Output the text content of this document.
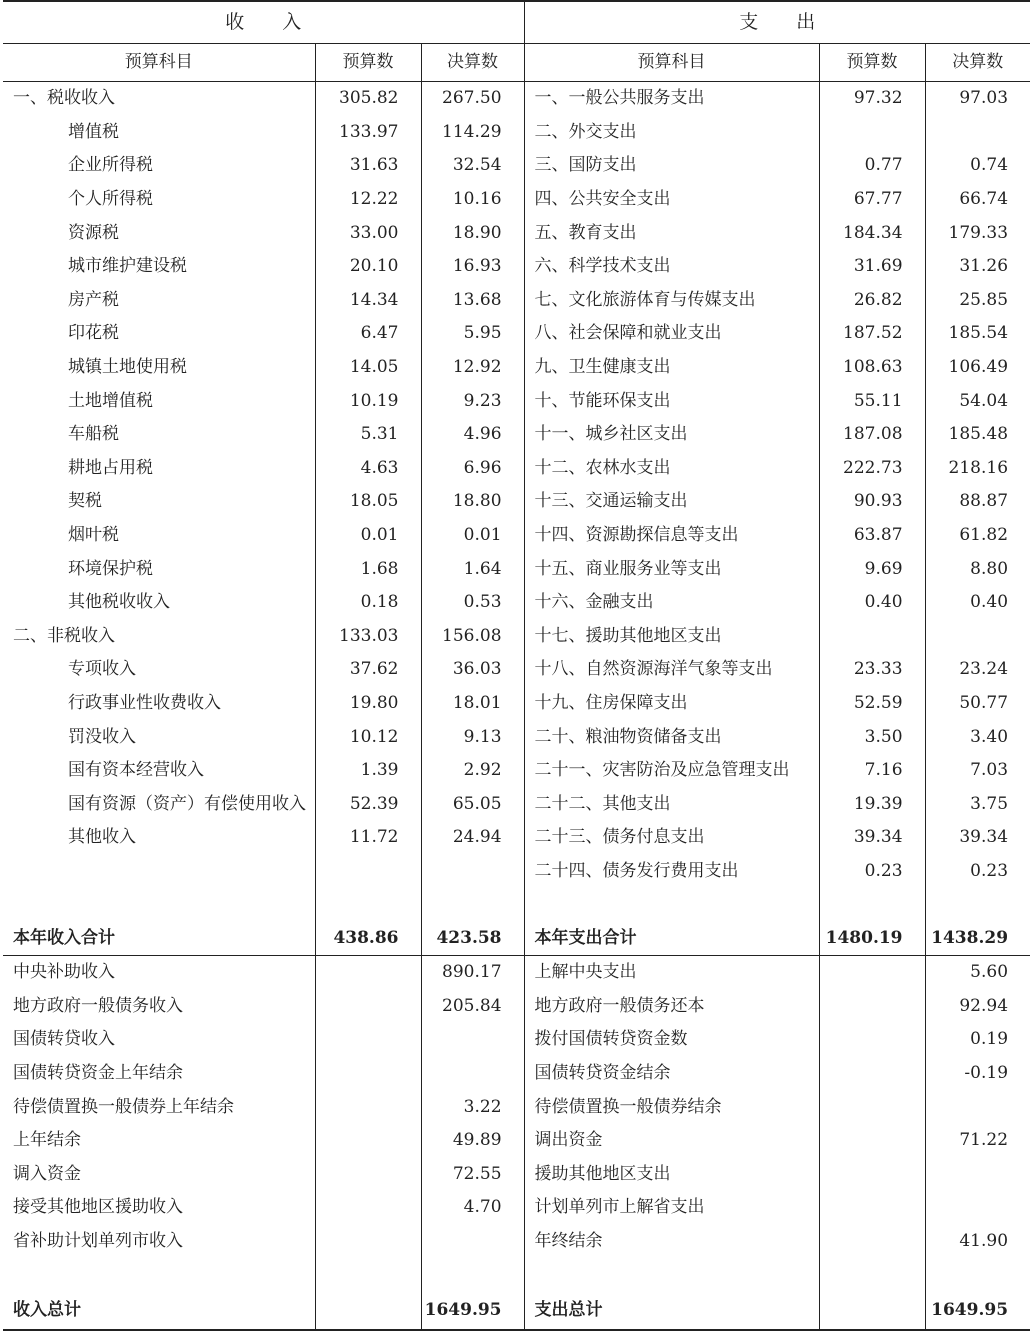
收　　入			支　　出		
预算科目	预算数	决算数	预算科目	预算数	决算数
一、税收收入	305.82	267.50	一、一般公共服务支出	97.32	97.03
增值税	133.97	114.29	二、外交支出		
企业所得税	31.63	32.54	三、国防支出	0.77	0.74
个人所得税	12.22	10.16	四、公共安全支出	67.77	66.74
资源税	33.00	18.90	五、教育支出	184.34	179.33
城市维护建设税	20.10	16.93	六、科学技术支出	31.69	31.26
房产税	14.34	13.68	七、文化旅游体育与传媒支出	26.82	25.85
印花税	6.47	5.95	八、社会保障和就业支出	187.52	185.54
城镇土地使用税	14.05	12.92	九、卫生健康支出	108.63	106.49
土地增值税	10.19	9.23	十、节能环保支出	55.11	54.04
车船税	5.31	4.96	十一、城乡社区支出	187.08	185.48
耕地占用税	4.63	6.96	十二、农林水支出	222.73	218.16
契税	18.05	18.80	十三、交通运输支出	90.93	88.87
烟叶税	0.01	0.01	十四、资源勘探信息等支出	63.87	61.82
环境保护税	1.68	1.64	十五、商业服务业等支出	9.69	8.80
其他税收收入	0.18	0.53	十六、金融支出	0.40	0.40
二、非税收入	133.03	156.08	十七、援助其他地区支出		
专项收入	37.62	36.03	十八、自然资源海洋气象等支出	23.33	23.24
行政事业性收费收入	19.80	18.01	十九、住房保障支出	52.59	50.77
罚没收入	10.12	9.13	二十、粮油物资储备支出	3.50	3.40
国有资本经营收入	1.39	2.92	二十一、灾害防治及应急管理支出	7.16	7.03
国有资源（资产）有偿使用收入	52.39	65.05	二十二、其他支出	19.39	3.75
其他收入	11.72	24.94	二十三、债务付息支出	39.34	39.34
			二十四、债务发行费用支出	0.23	0.23

本年收入合计	438.86	423.58	本年支出合计	1480.19	1438.29
中央补助收入		890.17	上解中央支出		5.60
地方政府一般债务收入		205.84	地方政府一般债务还本		92.94
国债转贷收入			拨付国债转贷资金数		0.19
国债转贷资金上年结余			国债转贷资金结余		-0.19
待偿债置换一般债券上年结余		3.22	待偿债置换一般债券结余		
上年结余		49.89	调出资金		71.22
调入资金		72.55	援助其他地区支出		
接受其他地区援助收入		4.70	计划单列市上解省支出		
省补助计划单列市收入			年终结余		41.90

收入总计		1649.95	支出总计		1649.95
